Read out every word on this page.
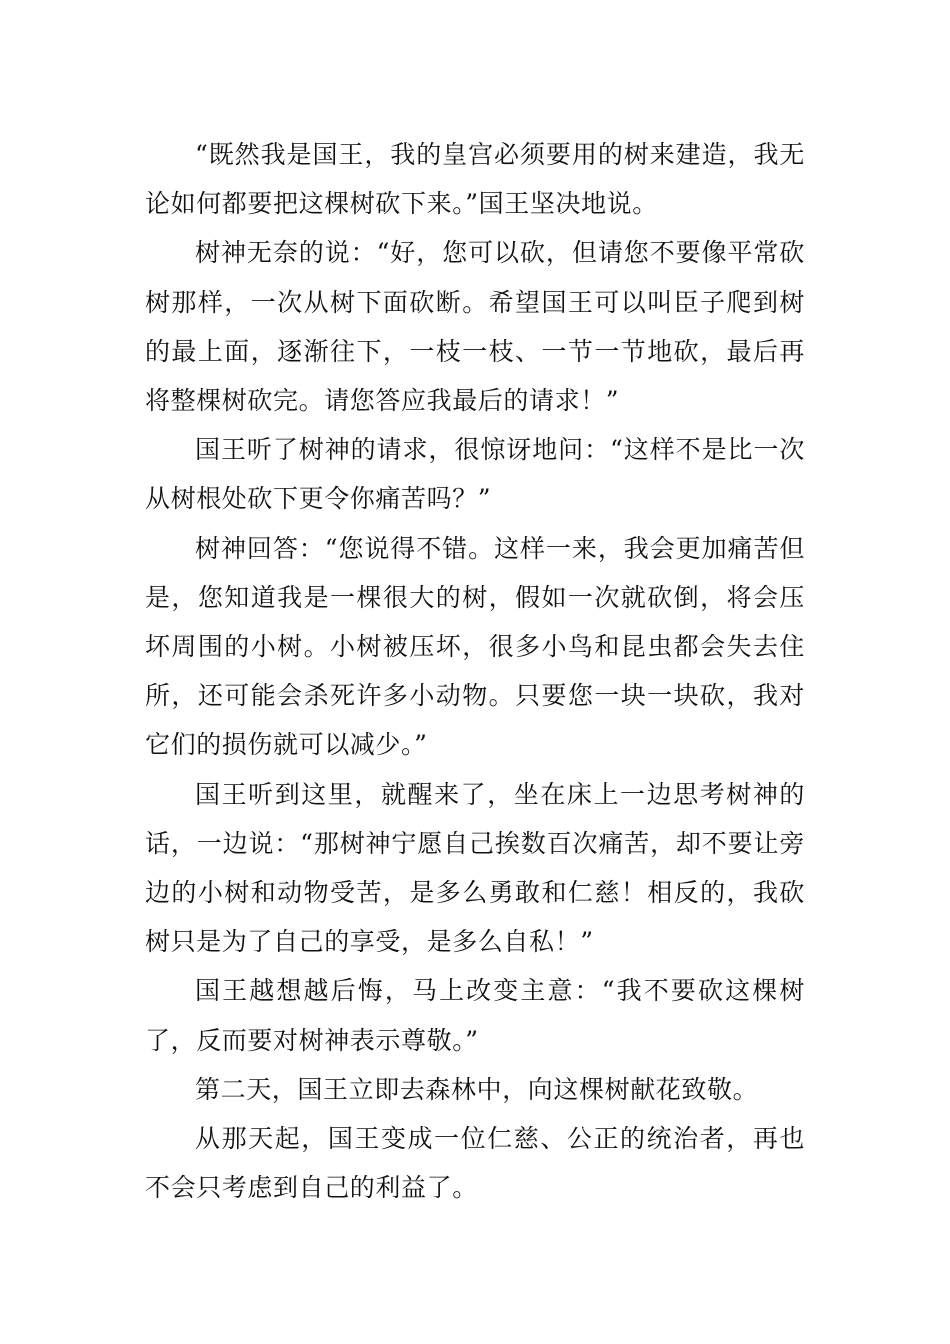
“既然我是国王，我的皇宫必须要用的树来建造，我无论如何都要把这棵树砍下来。”国王坚决地说。

树神无奈的说：“好，您可以砍，但请您不要像平常砍树那样，一次从树下面砍断。希望国王可以叫臣子爬到树的最上面，逐渐往下，一枝一枝、一节一节地砍，最后再将整棵树砍完。请您答应我最后的请求！”

国王听了树神的请求，很惊讶地问：“这样不是比一次从树根处砍下更令你痛苦吗？”

树神回答：“您说得不错。这样一来，我会更加痛苦但是，您知道我是一棵很大的树，假如一次就砍倒，将会压坏周围的小树。小树被压坏，很多小鸟和昆虫都会失去住所，还可能会杀死许多小动物。只要您一块一块砍，我对它们的损伤就可以减少。”

国王听到这里，就醒来了，坐在床上一边思考树神的话，一边说：“那树神宁愿自己挨数百次痛苦，却不要让旁边的小树和动物受苦，是多么勇敢和仁慈！相反的，我砍树只是为了自己的享受，是多么自私！”

国王越想越后悔，马上改变主意：“我不要砍这棵树了，反而要对树神表示尊敬。”

第二天，国王立即去森林中，向这棵树献花致敬。

从那天起，国王变成一位仁慈、公正的统治者，再也不会只考虑到自己的利益了。
